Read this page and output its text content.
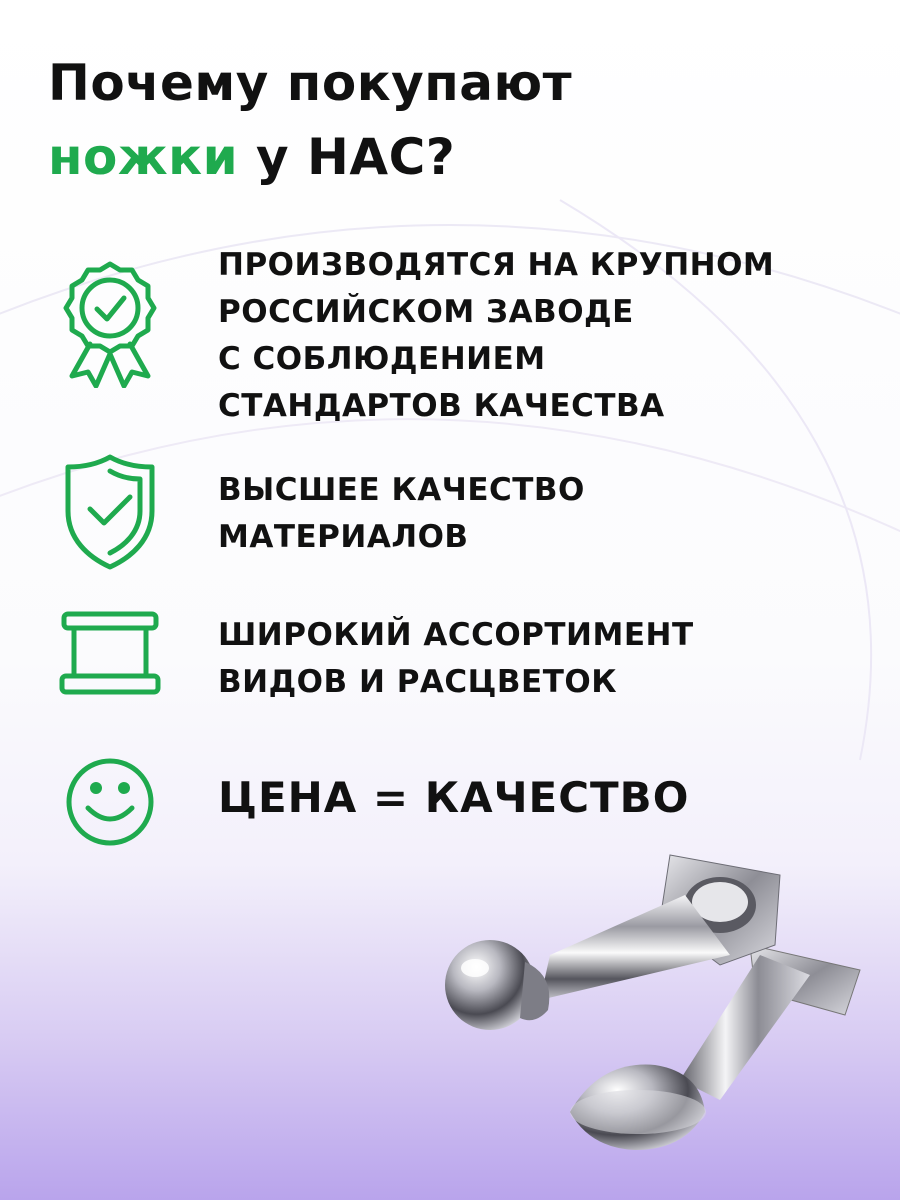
Почему покупают
ножки у НАС?

ПРОИЗВОДЯТСЯ НА КРУПНОМ
РОССИЙСКОМ ЗАВОДЕ
С СОБЛЮДЕНИЕМ
СТАНДАРТОВ КАЧЕСТВА

ВЫСШЕЕ КАЧЕСТВО
МАТЕРИАЛОВ

ШИРОКИЙ АССОРТИМЕНТ
ВИДОВ И РАСЦВЕТОК

ЦЕНА = КАЧЕСТВО
